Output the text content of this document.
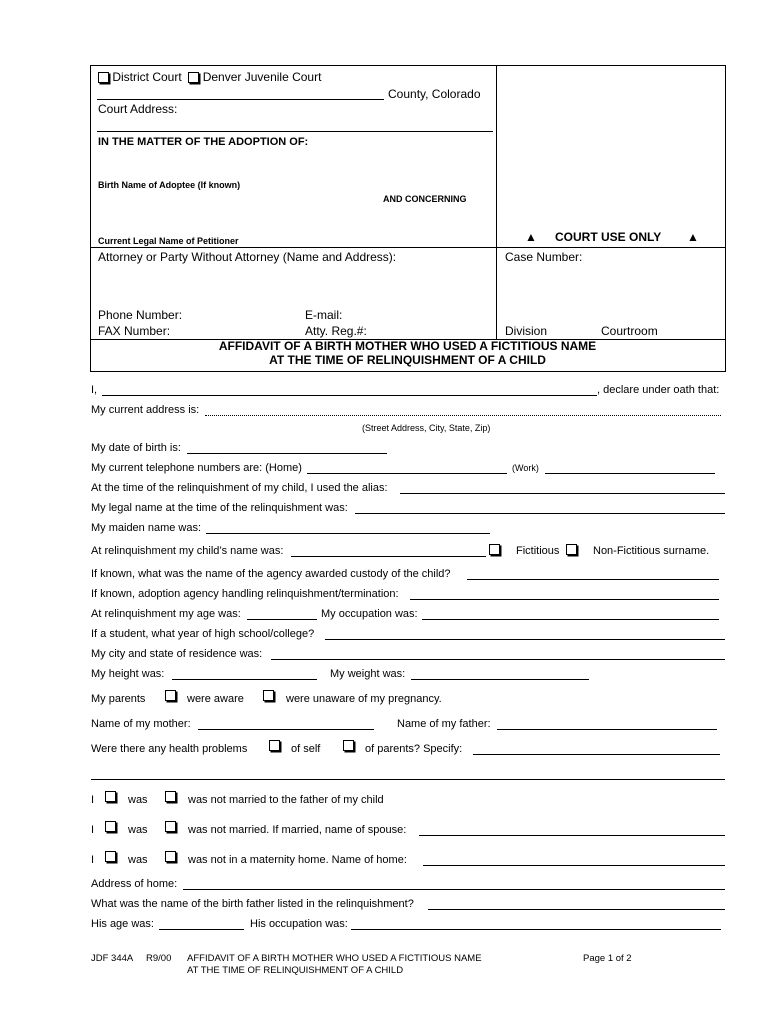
District Court Denver Juvenile Court
County, Colorado
Court Address:
IN THE MATTER OF THE ADOPTION OF:
Birth Name of Adoptee (If known)
AND CONCERNING
Current Legal Name of Petitioner	▲ COURT USE ONLY ▲
Attorney or Party Without Attorney (Name and Address):	Case Number:
Phone Number:	E-mail:
FAX Number:	Atty. Reg.#:	Division	Courtroom
AFFIDAVIT OF A BIRTH MOTHER WHO USED A FICTITIOUS NAME
AT THE TIME OF RELINQUISHMENT OF A CHILD
I,	, declare under oath that:
My current address is:
(Street Address, City, State, Zip)
My date of birth is:
My current telephone numbers are: (Home)	(Work)
At the time of the relinquishment of my child, I used the alias:
My legal name at the time of the relinquishment was:
My maiden name was:
At relinquishment my child’s name was:	Fictitious	Non-Fictitious surname.
If known, what was the name of the agency awarded custody of the child?
If known, adoption agency handling relinquishment/termination:
At relinquishment my age was:	My occupation was:
If a student, what year of high school/college?
My city and state of residence was:
My height was:	My weight was:
My parents	were aware	were unaware of my pregnancy.
Name of my mother:	Name of my father:
Were there any health problems	of self	of parents? Specify:
I	was	was not married to the father of my child
I	was	was not married. If married, name of spouse:
I	was	was not in a maternity home. Name of home:
Address of home:
What was the name of the birth father listed in the relinquishment?
His age was:	His occupation was:
JDF 344A R9/00 AFFIDAVIT OF A BIRTH MOTHER WHO USED A FICTITIOUS NAME
AT THE TIME OF RELINQUISHMENT OF A CHILD
Page 1 of 2
